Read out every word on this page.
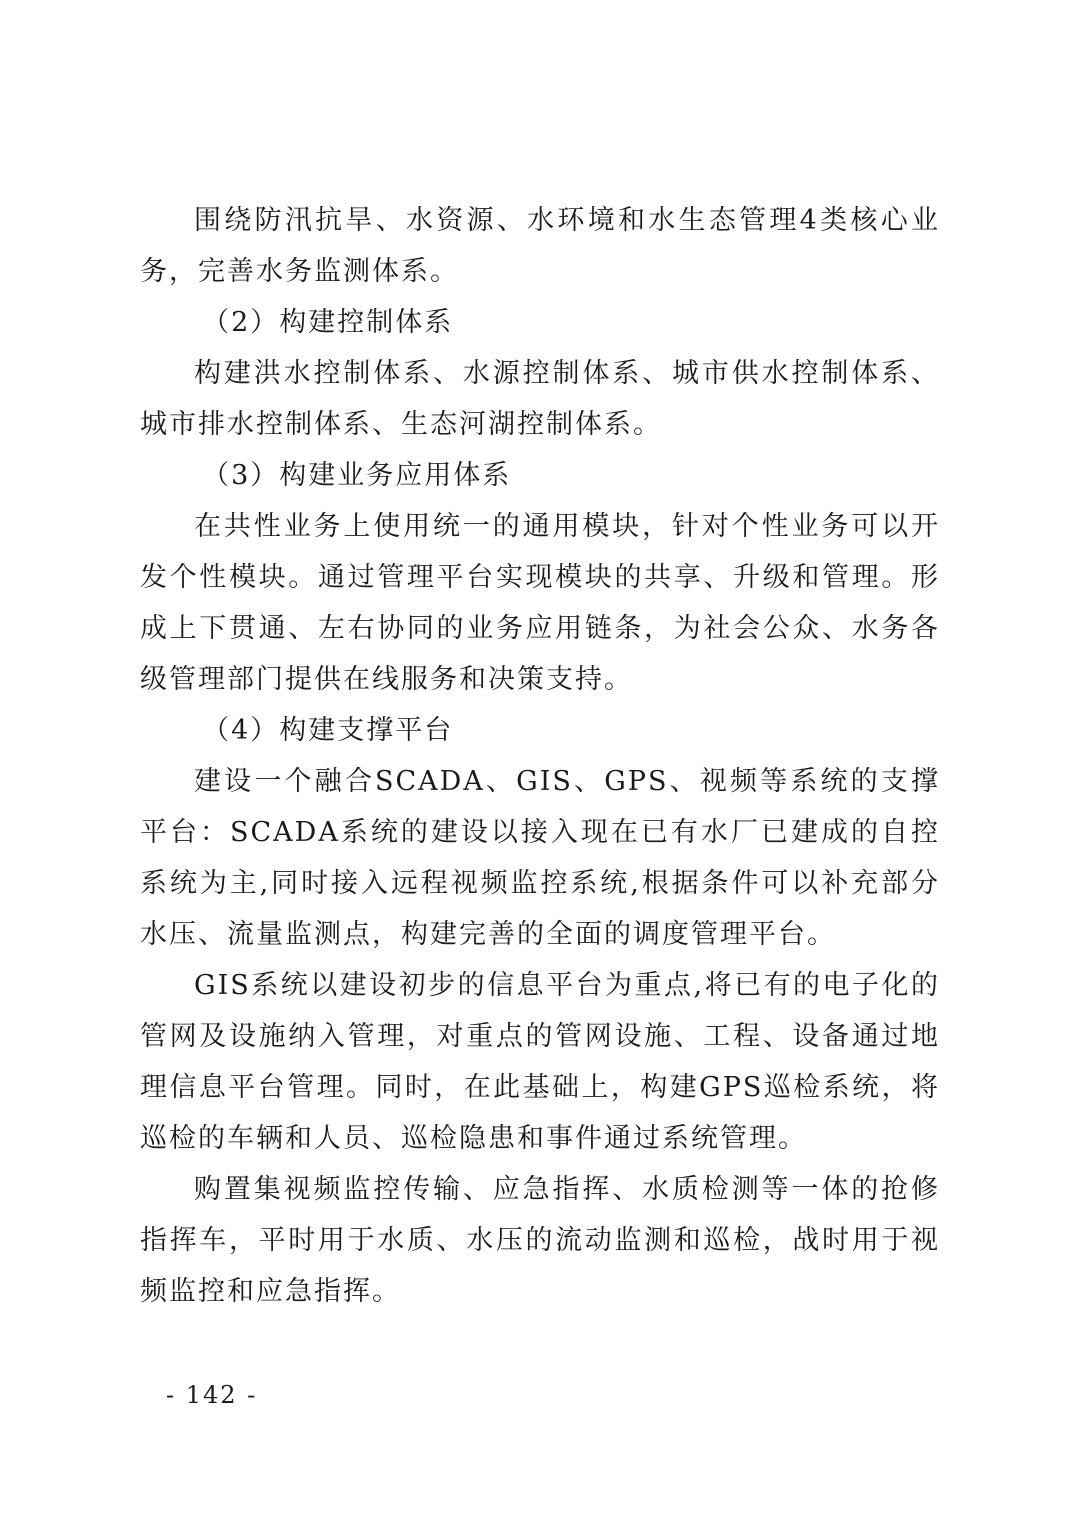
围绕防汛抗旱、水资源、水环境和水生态管理4类核心业务，完善水务监测体系。

（2）构建控制体系

构建洪水控制体系、水源控制体系、城市供水控制体系、城市排水控制体系、生态河湖控制体系。

（3）构建业务应用体系

在共性业务上使用统一的通用模块，针对个性业务可以开发个性模块。通过管理平台实现模块的共享、升级和管理。形成上下贯通、左右协同的业务应用链条，为社会公众、水务各级管理部门提供在线服务和决策支持。

（4）构建支撑平台

建设一个融合SCADA、GIS、GPS、视频等系统的支撑平台：SCADA系统的建设以接入现在已有水厂已建成的自控系统为主,同时接入远程视频监控系统,根据条件可以补充部分水压、流量监测点，构建完善的全面的调度管理平台。

GIS系统以建设初步的信息平台为重点,将已有的电子化的管网及设施纳入管理，对重点的管网设施、工程、设备通过地理信息平台管理。同时，在此基础上，构建GPS巡检系统，将巡检的车辆和人员、巡检隐患和事件通过系统管理。

购置集视频监控传输、应急指挥、水质检测等一体的抢修指挥车，平时用于水质、水压的流动监测和巡检，战时用于视频监控和应急指挥。

- 142 -
